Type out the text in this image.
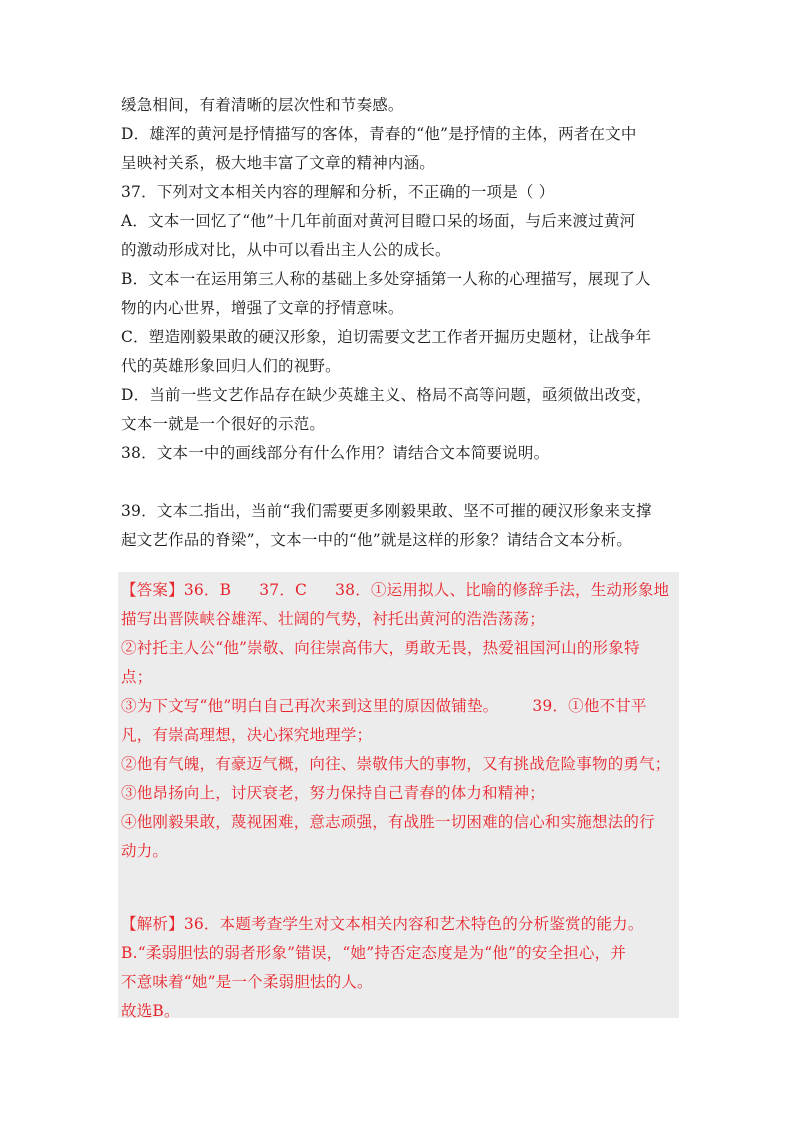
缓急相间，有着清晰的层次性和节奏感。
D．雄浑的黄河是抒情描写的客体，青春的“他”是抒情的主体，两者在文中
呈映衬关系，极大地丰富了文章的精神内涵。
37．下列对文本相关内容的理解和分析，不正确的一项是（ ）
A．文本一回忆了“他”十几年前面对黄河目瞪口呆的场面，与后来渡过黄河
的激动形成对比，从中可以看出主人公的成长。
B．文本一在运用第三人称的基础上多处穿插第一人称的心理描写，展现了人
物的内心世界，增强了文章的抒情意味。
C．塑造刚毅果敢的硬汉形象，迫切需要文艺工作者开掘历史题材，让战争年
代的英雄形象回归人们的视野。
D．当前一些文艺作品存在缺少英雄主义、格局不高等问题，亟须做出改变，
文本一就是一个很好的示范。
38．文本一中的画线部分有什么作用？请结合文本简要说明。
39．文本二指出，当前“我们需要更多刚毅果敢、坚不可摧的硬汉形象来支撑
起文艺作品的脊梁”，文本一中的“他”就是这样的形象？请结合文本分析。
【答案】36．B 37．C 38．①运用拟人、比喻的修辞手法，生动形象地
描写出晋陕峡谷雄浑、壮阔的气势，衬托出黄河的浩浩荡荡；
②衬托主人公“他”崇敬、向往崇高伟大，勇敢无畏，热爱祖国河山的形象特
点；
③为下文写“他”明白自己再次来到这里的原因做铺垫。 39．①他不甘平
凡，有崇高理想，决心探究地理学；
②他有气魄，有豪迈气概，向往、崇敬伟大的事物，又有挑战危险事物的勇气；
③他昂扬向上，讨厌衰老，努力保持自己青春的体力和精神；
④他刚毅果敢，蔑视困难，意志顽强，有战胜一切困难的信心和实施想法的行
动力。
【解析】36．本题考查学生对文本相关内容和艺术特色的分析鉴赏的能力。
B.“柔弱胆怯的弱者形象”错误，“她”持否定态度是为“他”的安全担心，并
不意味着“她”是一个柔弱胆怯的人。
故选B。
